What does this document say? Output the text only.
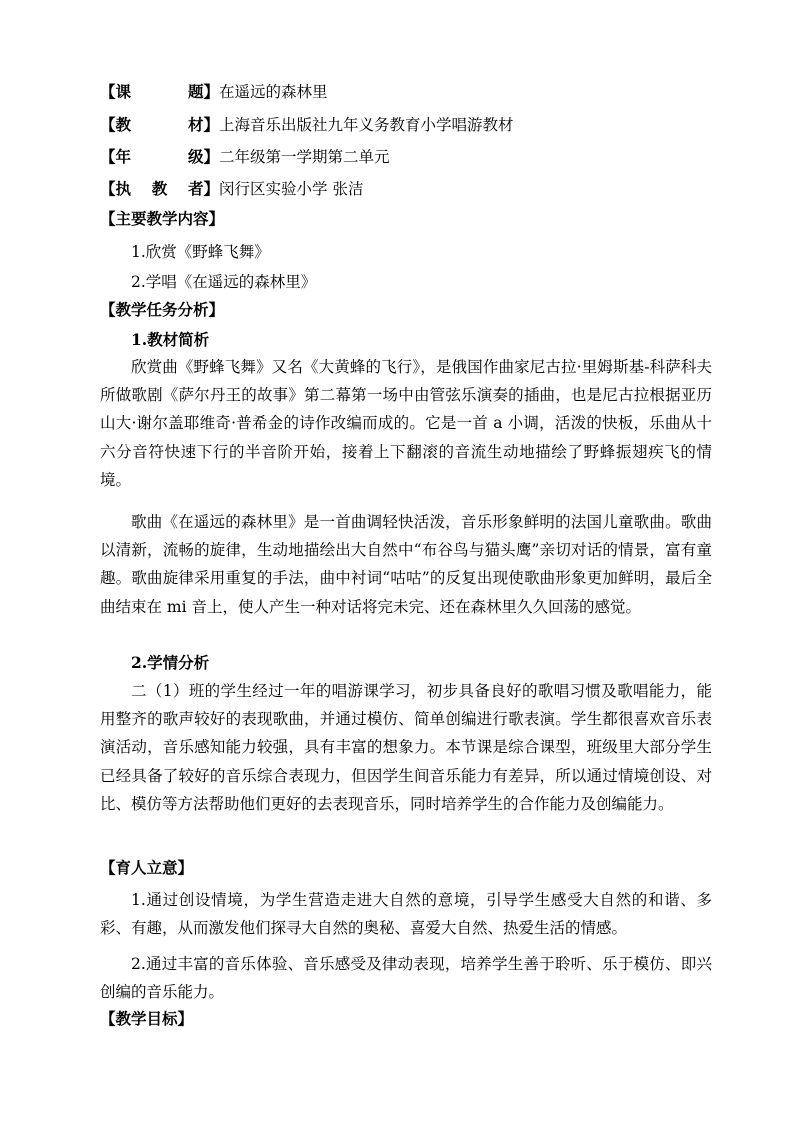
【课 题】在遥远的森林里
【教 材】上海音乐出版社九年义务教育小学唱游教材
【年 级】二年级第一学期第二单元
【执 教 者】闵行区实验小学 张洁
【主要教学内容】
1.欣赏《野蜂飞舞》
2.学唱《在遥远的森林里》
【教学任务分析】
1.教材简析

欣赏曲《野蜂飞舞》又名《大黄蜂的飞行》，是俄国作曲家尼古拉·里姆斯基-科萨科夫所做歌剧《萨尔丹王的故事》第二幕第一场中由管弦乐演奏的插曲，也是尼古拉根据亚历山大·谢尔盖耶维奇·普希金的诗作改编而成的。它是一首 a 小调，活泼的快板，乐曲从十六分音符快速下行的半音阶开始，接着上下翻滚的音流生动地描绘了野蜂振翅疾飞的情境。

歌曲《在遥远的森林里》是一首曲调轻快活泼，音乐形象鲜明的法国儿童歌曲。歌曲以清新，流畅的旋律，生动地描绘出大自然中“布谷鸟与猫头鹰”亲切对话的情景，富有童趣。歌曲旋律采用重复的手法，曲中衬词“咕咕”的反复出现使歌曲形象更加鲜明，最后全曲结束在 mi 音上，使人产生一种对话将完未完、还在森林里久久回荡的感觉。

2.学情分析

二（1）班的学生经过一年的唱游课学习，初步具备良好的歌唱习惯及歌唱能力，能用整齐的歌声较好的表现歌曲，并通过模仿、简单创编进行歌表演。学生都很喜欢音乐表演活动，音乐感知能力较强，具有丰富的想象力。本节课是综合课型，班级里大部分学生已经具备了较好的音乐综合表现力，但因学生间音乐能力有差异，所以通过情境创设、对比、模仿等方法帮助他们更好的去表现音乐，同时培养学生的合作能力及创编能力。

【育人立意】

1.通过创设情境，为学生营造走进大自然的意境，引导学生感受大自然的和谐、多彩、有趣，从而激发他们探寻大自然的奥秘、喜爱大自然、热爱生活的情感。

2.通过丰富的音乐体验、音乐感受及律动表现，培养学生善于聆听、乐于模仿、即兴创编的音乐能力。

【教学目标】
